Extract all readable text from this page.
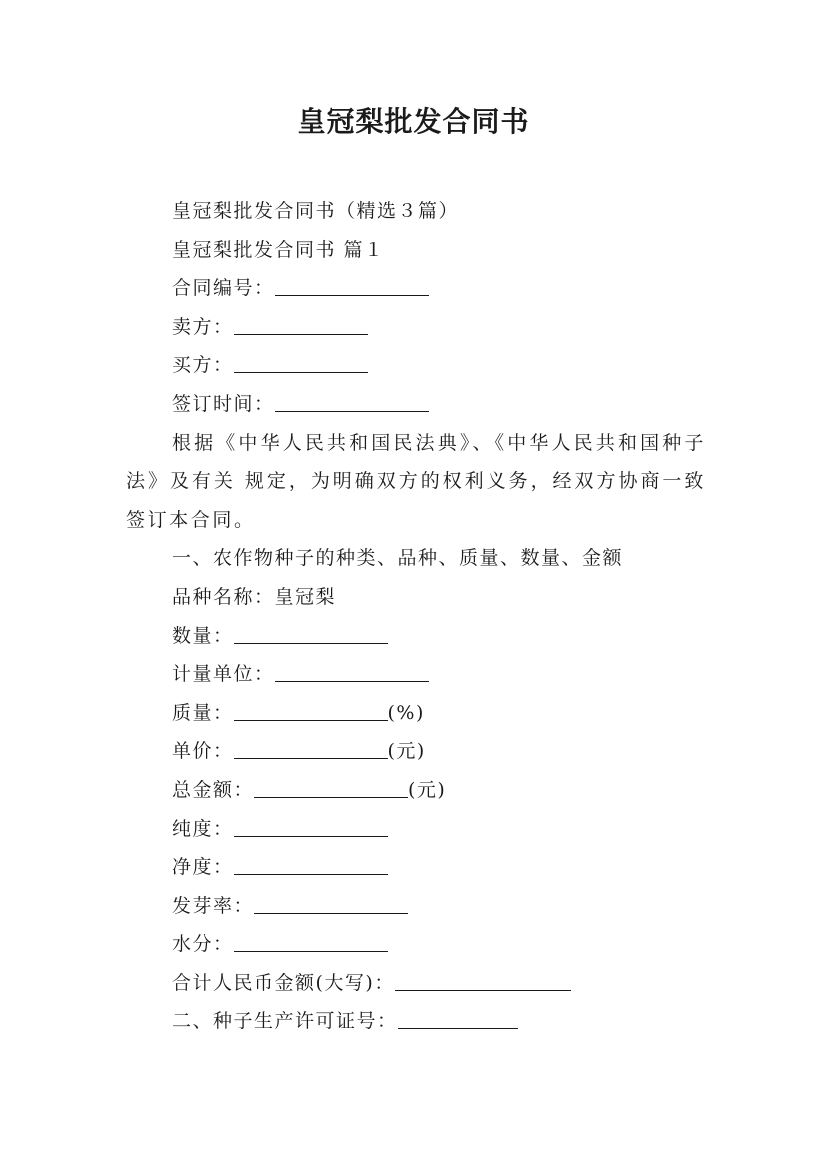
皇冠梨批发合同书
皇冠梨批发合同书（精选３篇）
皇冠梨批发合同书 篇１
合同编号：
卖方：
买方：
签订时间：
根据《中华人民共和国民法典》、《中华人民共和国种子法》及有关 规定，为明确双方的权利义务，经双方协商一致签订本合同。
一、农作物种子的种类、品种、质量、数量、金额
品种名称：皇冠梨
数量：
计量单位：
质量：	(%)
单价：	(元)
总金额：	(元)
纯度：
净度：
发芽率：
水分：
合计人民币金额(大写)：
二、种子生产许可证号：
